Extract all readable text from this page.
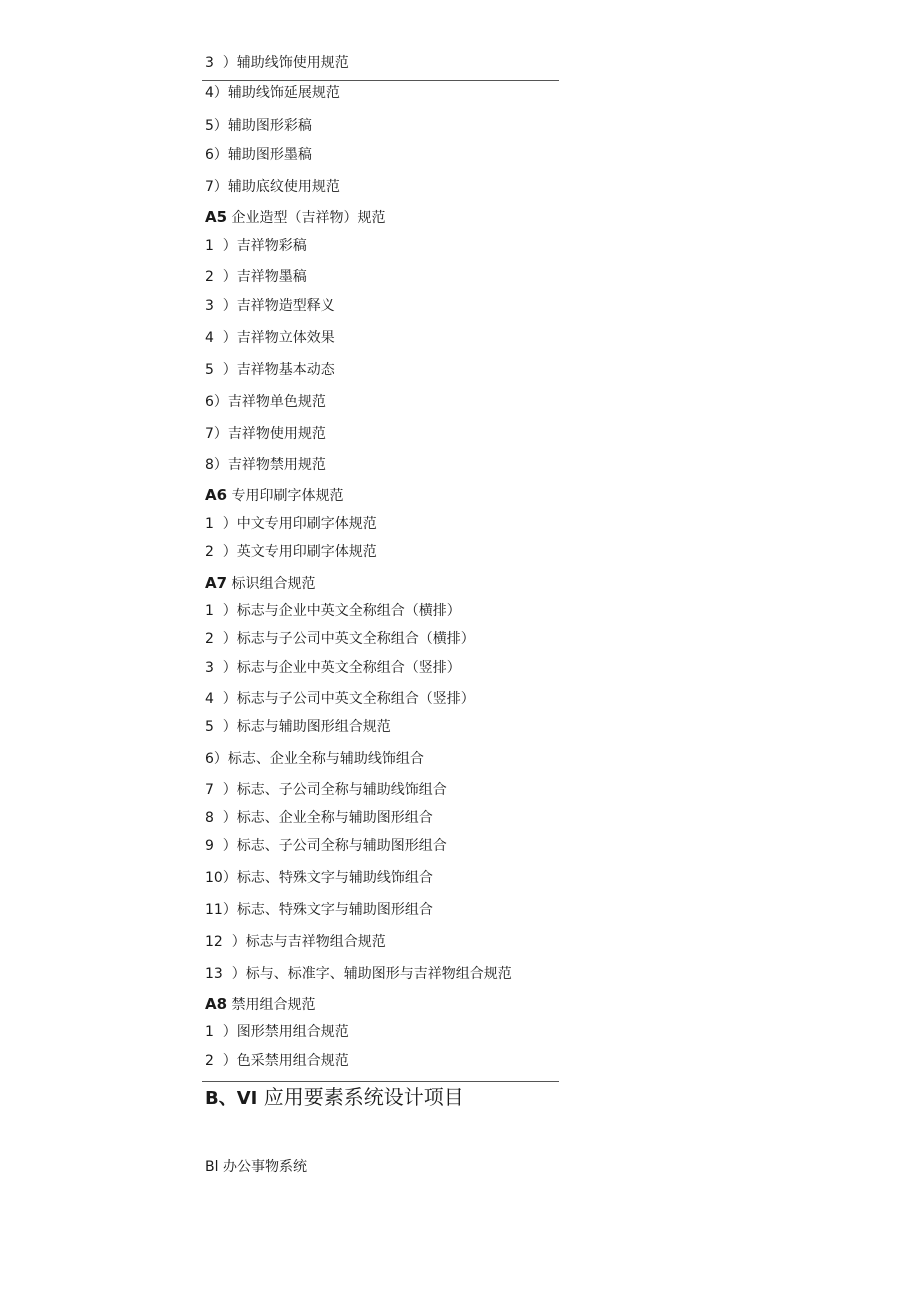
3  ）辅助线饰使用规范
4）辅助线饰延展规范
5）辅助图形彩稿
6）辅助图形墨稿
7）辅助底纹使用规范
A5 企业造型（吉祥物）规范
1  ）吉祥物彩稿
2  ）吉祥物墨稿
3  ）吉祥物造型释义
4  ）吉祥物立体效果
5  ）吉祥物基本动态
6）吉祥物单色规范
7）吉祥物使用规范
8）吉祥物禁用规范
A6 专用印刷字体规范
1  ）中文专用印刷字体规范
2  ）英文专用印刷字体规范
A7 标识组合规范
1  ）标志与企业中英文全称组合（横排）
2  ）标志与子公司中英文全称组合（横排）
3  ）标志与企业中英文全称组合（竖排）
4  ）标志与子公司中英文全称组合（竖排）
5  ）标志与辅助图形组合规范
6）标志、企业全称与辅助线饰组合
7  ）标志、子公司全称与辅助线饰组合
8  ）标志、企业全称与辅助图形组合
9  ）标志、子公司全称与辅助图形组合
10）标志、特殊文字与辅助线饰组合
11）标志、特殊文字与辅助图形组合
12  ）标志与吉祥物组合规范
13  ）标与、标准字、辅助图形与吉祥物组合规范
A8 禁用组合规范
1  ）图形禁用组合规范
2  ）色采禁用组合规范
B、VI 应用要素系统设计项目
Bl 办公事物系统
